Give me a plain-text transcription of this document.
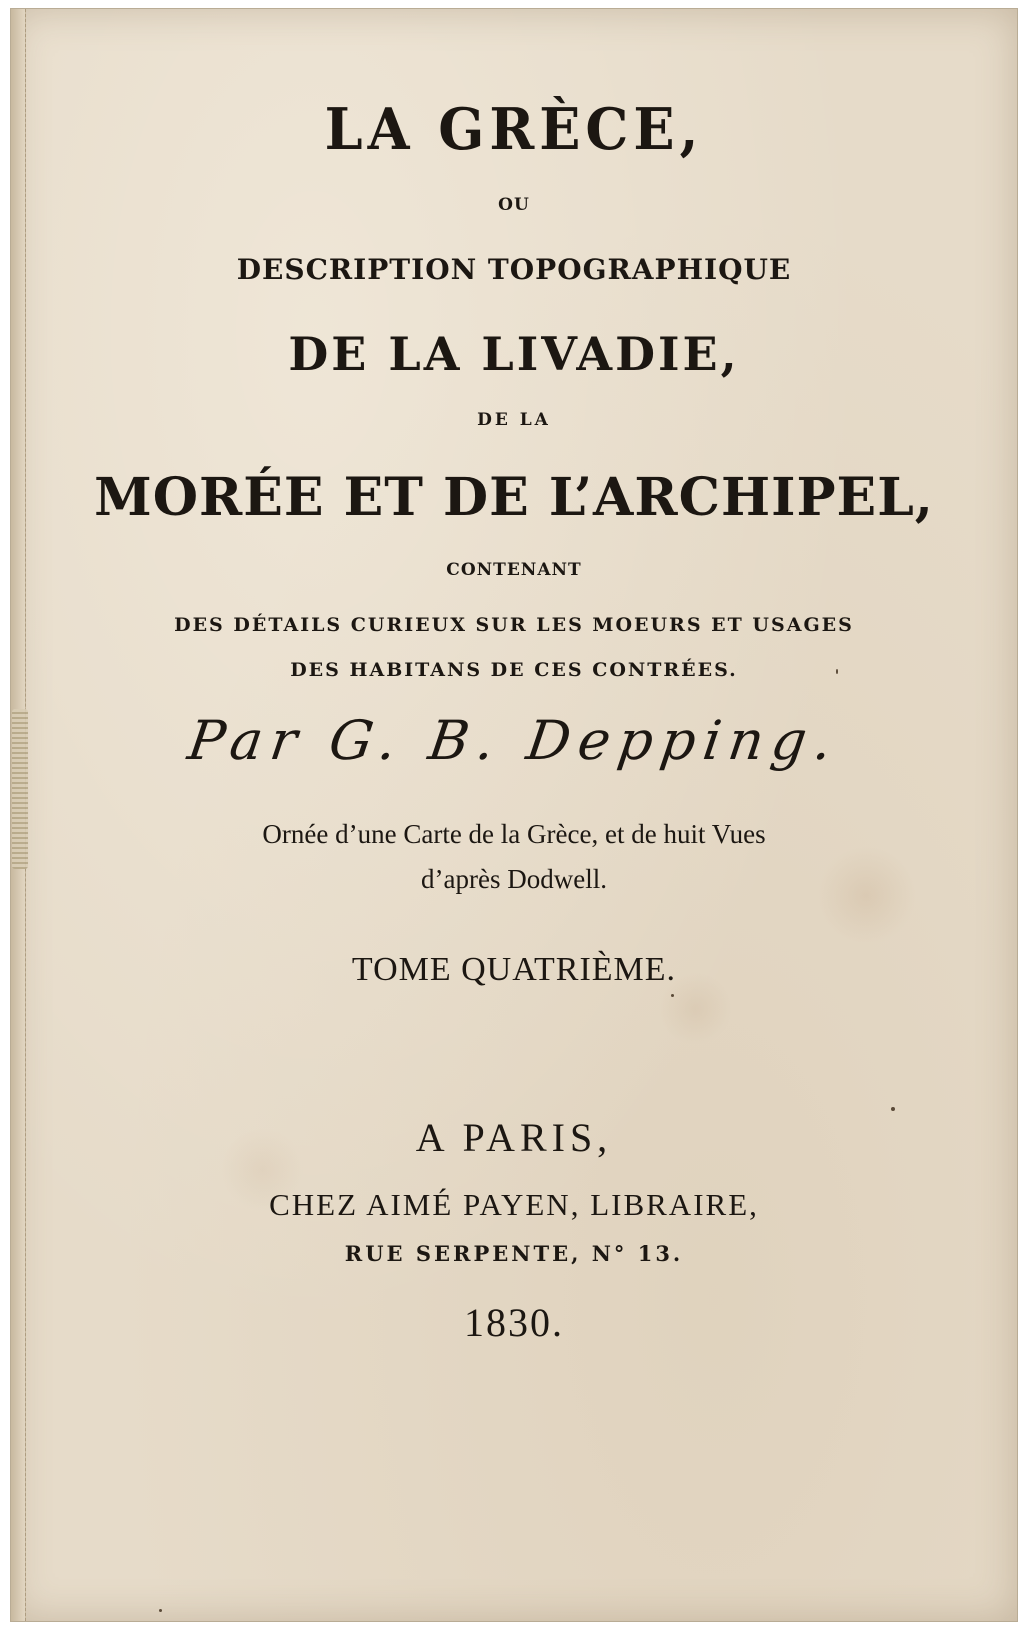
LA GRÈCE,
OU
DESCRIPTION TOPOGRAPHIQUE
DE LA LIVADIE,
DE LA
MORÉE ET DE L’ARCHIPEL,
CONTENANT
DES DÉTAILS CURIEUX SUR LES MOEURS ET USAGES
DES HABITANS DE CES CONTRÉES.
Par G. B. Depping.
Ornée d’une Carte de la Grèce, et de huit Vues
d’après Dodwell.
TOME QUATRIÈME.
A PARIS,
CHEZ AIMÉ PAYEN, LIBRAIRE,
RUE SERPENTE, N° 13.
1830.
